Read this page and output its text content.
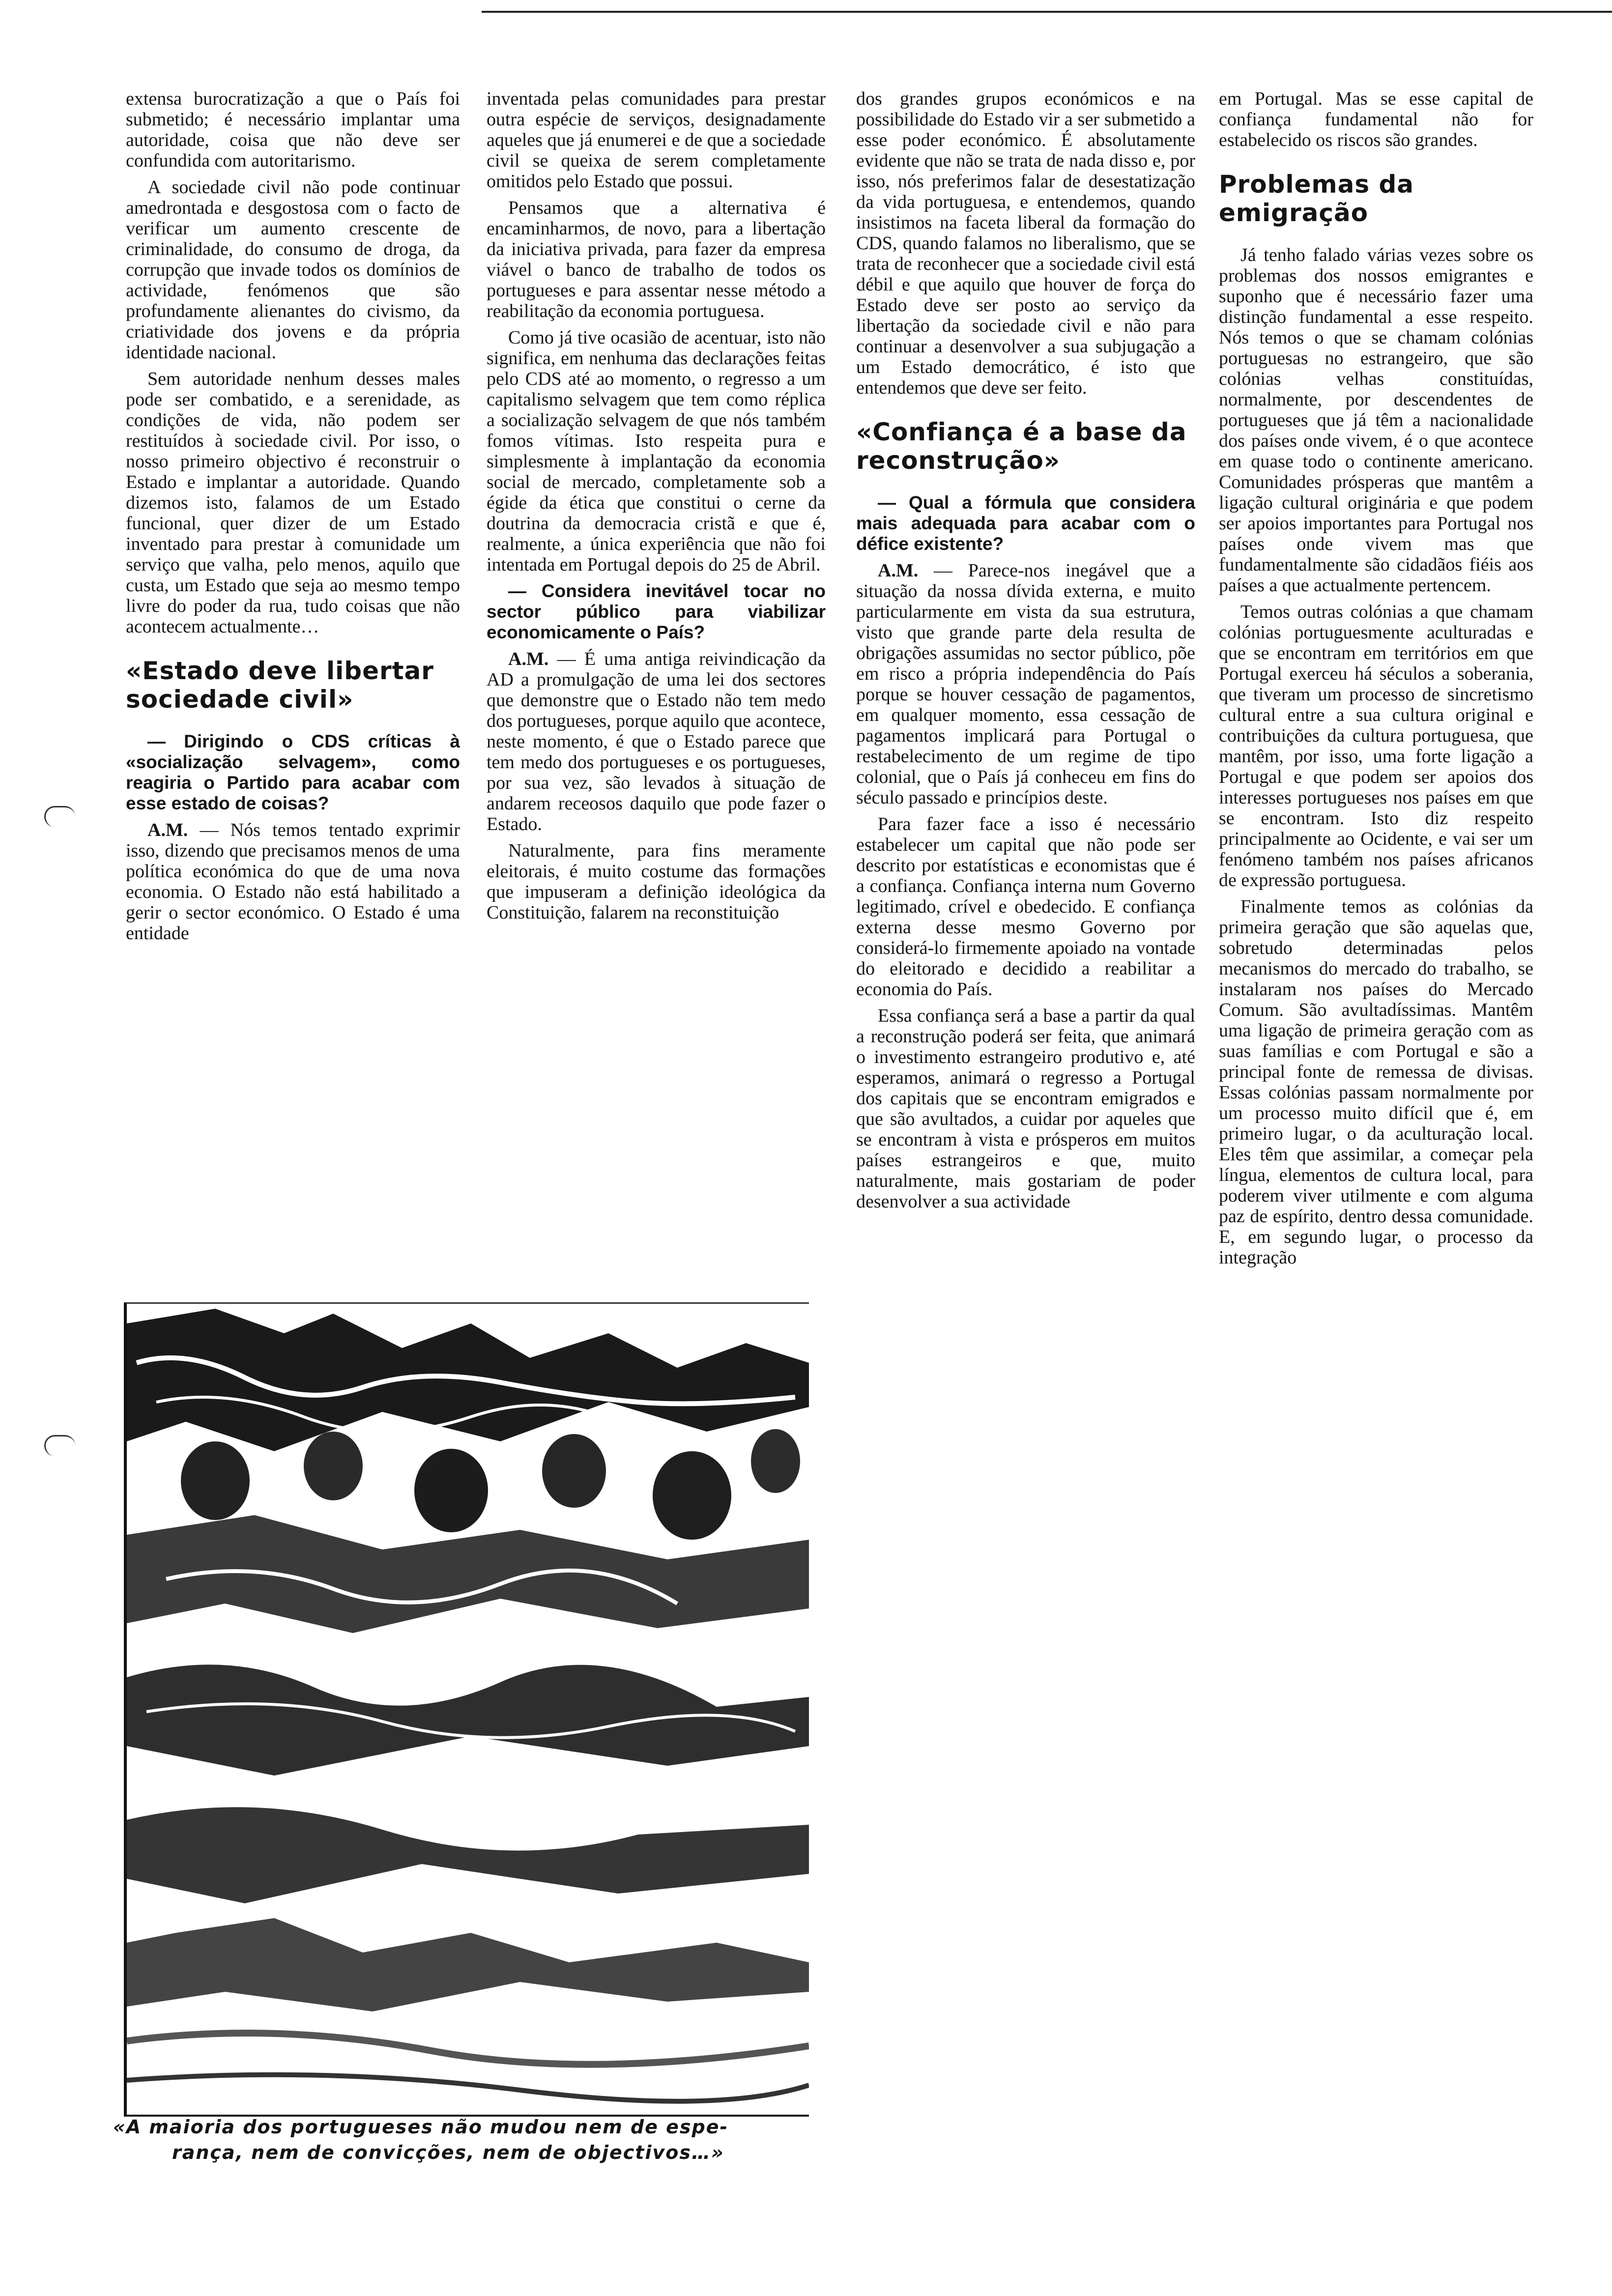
extensa burocratização a que o País foi submetido; é necessário implantar uma autoridade, coisa que não deve ser confundida com autoritarismo.

A sociedade civil não pode continuar amedrontada e desgostosa com o facto de verificar um aumento crescente de criminalidade, do consumo de droga, da corrupção que invade todos os domínios de actividade, fenómenos que são profundamente alienantes do civismo, da criatividade dos jovens e da própria identidade nacional.

Sem autoridade nenhum desses males pode ser combatido, e a serenidade, as condições de vida, não podem ser restituídos à sociedade civil. Por isso, o nosso primeiro objectivo é reconstruir o Estado e implantar a autoridade. Quando dizemos isto, falamos de um Estado funcional, quer dizer de um Estado inventado para prestar à comunidade um serviço que valha, pelo menos, aquilo que custa, um Estado que seja ao mesmo tempo livre do poder da rua, tudo coisas que não acontecem actualmente…

«Estado deve libertar sociedade civil»

— Dirigindo o CDS críticas à «socialização selvagem», como reagiria o Partido para acabar com esse estado de coisas?

A.M. — Nós temos tentado exprimir isso, dizendo que precisamos menos de uma política económica do que de uma nova economia. O Estado não está habilitado a gerir o sector económico. O Estado é uma entidade

inventada pelas comunidades para prestar outra espécie de serviços, designadamente aqueles que já enumerei e de que a sociedade civil se queixa de serem completamente omitidos pelo Estado que possui.

Pensamos que a alternativa é encaminharmos, de novo, para a libertação da iniciativa privada, para fazer da empresa viável o banco de trabalho de todos os portugueses e para assentar nesse método a reabilitação da economia portuguesa.

Como já tive ocasião de acentuar, isto não significa, em nenhuma das declarações feitas pelo CDS até ao momento, o regresso a um capitalismo selvagem que tem como réplica a socialização selvagem de que nós também fomos vítimas. Isto respeita pura e simplesmente à implantação da economia social de mercado, completamente sob a égide da ética que constitui o cerne da doutrina da democracia cristã e que é, realmente, a única experiência que não foi intentada em Portugal depois do 25 de Abril.

— Considera inevitável tocar no sector público para viabilizar economicamente o País?

A.M. — É uma antiga reivindicação da AD a promulgação de uma lei dos sectores que demonstre que o Estado não tem medo dos portugueses, porque aquilo que acontece, neste momento, é que o Estado parece que tem medo dos portugueses e os portugueses, por sua vez, são levados à situação de andarem receosos daquilo que pode fazer o Estado.

Naturalmente, para fins meramente eleitorais, é muito costume das formações que impuseram a definição ideológica da Constituição, falarem na reconstituição

dos grandes grupos económicos e na possibilidade do Estado vir a ser submetido a esse poder económico. É absolutamente evidente que não se trata de nada disso e, por isso, nós preferimos falar de desestatização da vida portuguesa, e entendemos, quando insistimos na faceta liberal da formação do CDS, quando falamos no liberalismo, que se trata de reconhecer que a sociedade civil está débil e que aquilo que houver de força do Estado deve ser posto ao serviço da libertação da sociedade civil e não para continuar a desenvolver a sua subjugação a um Estado democrático, é isto que entendemos que deve ser feito.

«Confiança é a base da reconstrução»

— Qual a fórmula que considera mais adequada para acabar com o défice existente?

A.M. — Parece-nos inegável que a situação da nossa dívida externa, e muito particularmente em vista da sua estrutura, visto que grande parte dela resulta de obrigações assumidas no sector público, põe em risco a própria independência do País porque se houver cessação de pagamentos, em qualquer momento, essa cessação de pagamentos implicará para Portugal o restabelecimento de um regime de tipo colonial, que o País já conheceu em fins do século passado e princípios deste.

Para fazer face a isso é necessário estabelecer um capital que não pode ser descrito por estatísticas e economistas que é a confiança. Confiança interna num Governo legitimado, crível e obedecido. E confiança externa desse mesmo Governo por considerá-lo firmemente apoiado na vontade do eleitorado e decidido a reabilitar a economia do País.

Essa confiança será a base a partir da qual a reconstrução poderá ser feita, que animará o investimento estrangeiro produtivo e, até esperamos, animará o regresso a Portugal dos capitais que se encontram emigrados e que são avultados, a cuidar por aqueles que se encontram à vista e prósperos em muitos países estrangeiros e que, muito naturalmente, mais gostariam de poder desenvolver a sua actividade

em Portugal. Mas se esse capital de confiança fundamental não for estabelecido os riscos são grandes.

Problemas da emigração

Já tenho falado várias vezes sobre os problemas dos nossos emigrantes e suponho que é necessário fazer uma distinção fundamental a esse respeito. Nós temos o que se chamam colónias portuguesas no estrangeiro, que são colónias velhas constituídas, normalmente, por descendentes de portugueses que já têm a nacionalidade dos países onde vivem, é o que acontece em quase todo o continente americano. Comunidades prósperas que mantêm a ligação cultural originária e que podem ser apoios importantes para Portugal nos países onde vivem mas que fundamentalmente são cidadãos fiéis aos países a que actualmente pertencem.

Temos outras colónias a que chamam colónias portuguesmente aculturadas e que se encontram em territórios em que Portugal exerceu há séculos a soberania, que tiveram um processo de sincretismo cultural entre a sua cultura original e contribuições da cultura portuguesa, que mantêm, por isso, uma forte ligação a Portugal e que podem ser apoios dos interesses portugueses nos países em que se encontram. Isto diz respeito principalmente ao Ocidente, e vai ser um fenómeno também nos países africanos de expressão portuguesa.

Finalmente temos as colónias da primeira geração que são aquelas que, sobretudo determinadas pelos mecanismos do mercado do trabalho, se instalaram nos países do Mercado Comum. São avultadíssimas. Mantêm uma ligação de primeira geração com as suas famílias e com Portugal e são a principal fonte de remessa de divisas. Essas colónias passam normalmente por um processo muito difícil que é, em primeiro lugar, o da aculturação local. Eles têm que assimilar, a começar pela língua, elementos de cultura local, para poderem viver utilmente e com alguma paz de espírito, dentro dessa comunidade. E, em segundo lugar, o processo da integração

«A maioria dos portugueses não mudou nem de espe-
rança, nem de convicções, nem de objectivos…»
